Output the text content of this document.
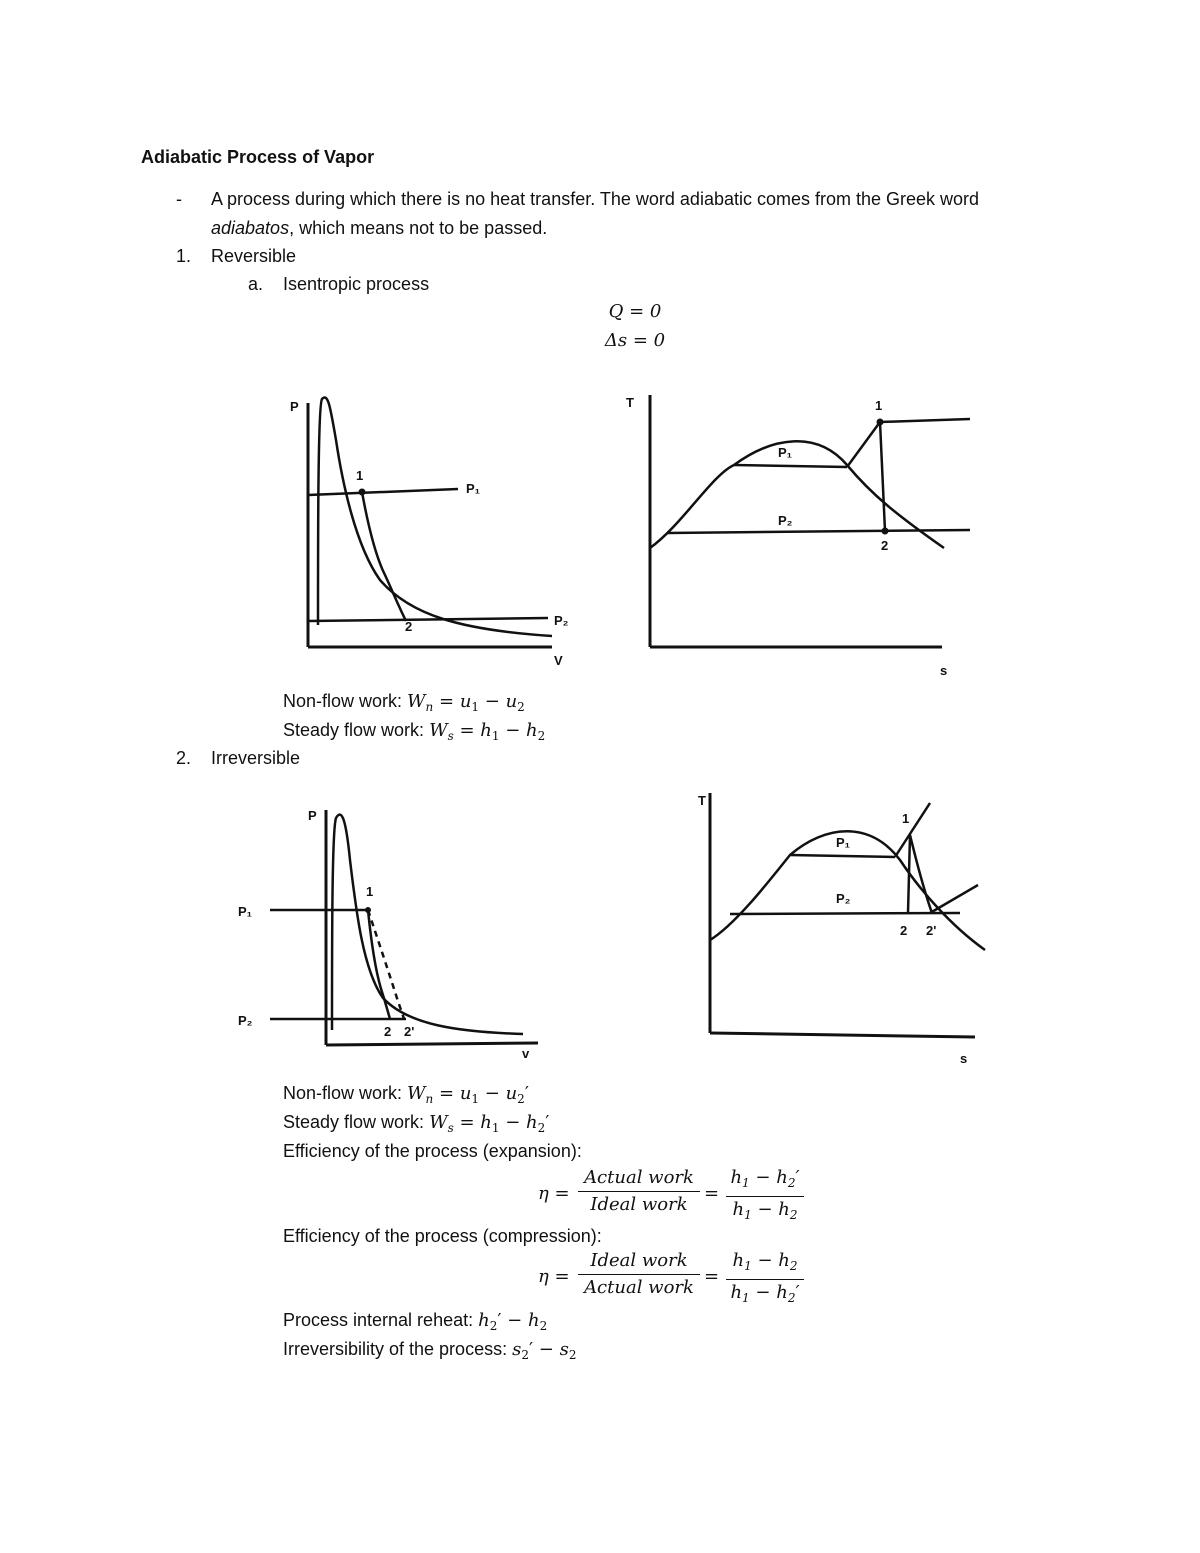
Adiabatic Process of Vapor
- A process during which there is no heat transfer. The word adiabatic comes from the Greek word
adiabatos, which means not to be passed.
1. Reversible
a. Isentropic process
Q = 0
Δs = 0
P
1
2
P₁
P₂
V
T	1
2
P₁
P₂
s
Non-flow work: $W_n = u_1 - u_2$
Steady flow work: $W_s = h_1 - h_2$
2. Irreversible
P₁
P₂
P
1
2 2'
v
T
1
2 2'
P₁
P₂
s
Non-flow work: $W_n = u_1 - u_2'$
Steady flow work: $W_s = h_1 - h_2'$
Efficiency of the process (expansion):
η =
Actual work
Ideal work
= $\frac{h_1 - h_2'}{h_1 - h_2}$
Efficiency of the process (compression):
η =
Ideal work
Actual work
= $\frac{h_1 - h_2}{h_1 - h_2'}$
Process internal reheat: $h_2' - h_2$
Irreversibility of the process: $s_2' - s_2$
